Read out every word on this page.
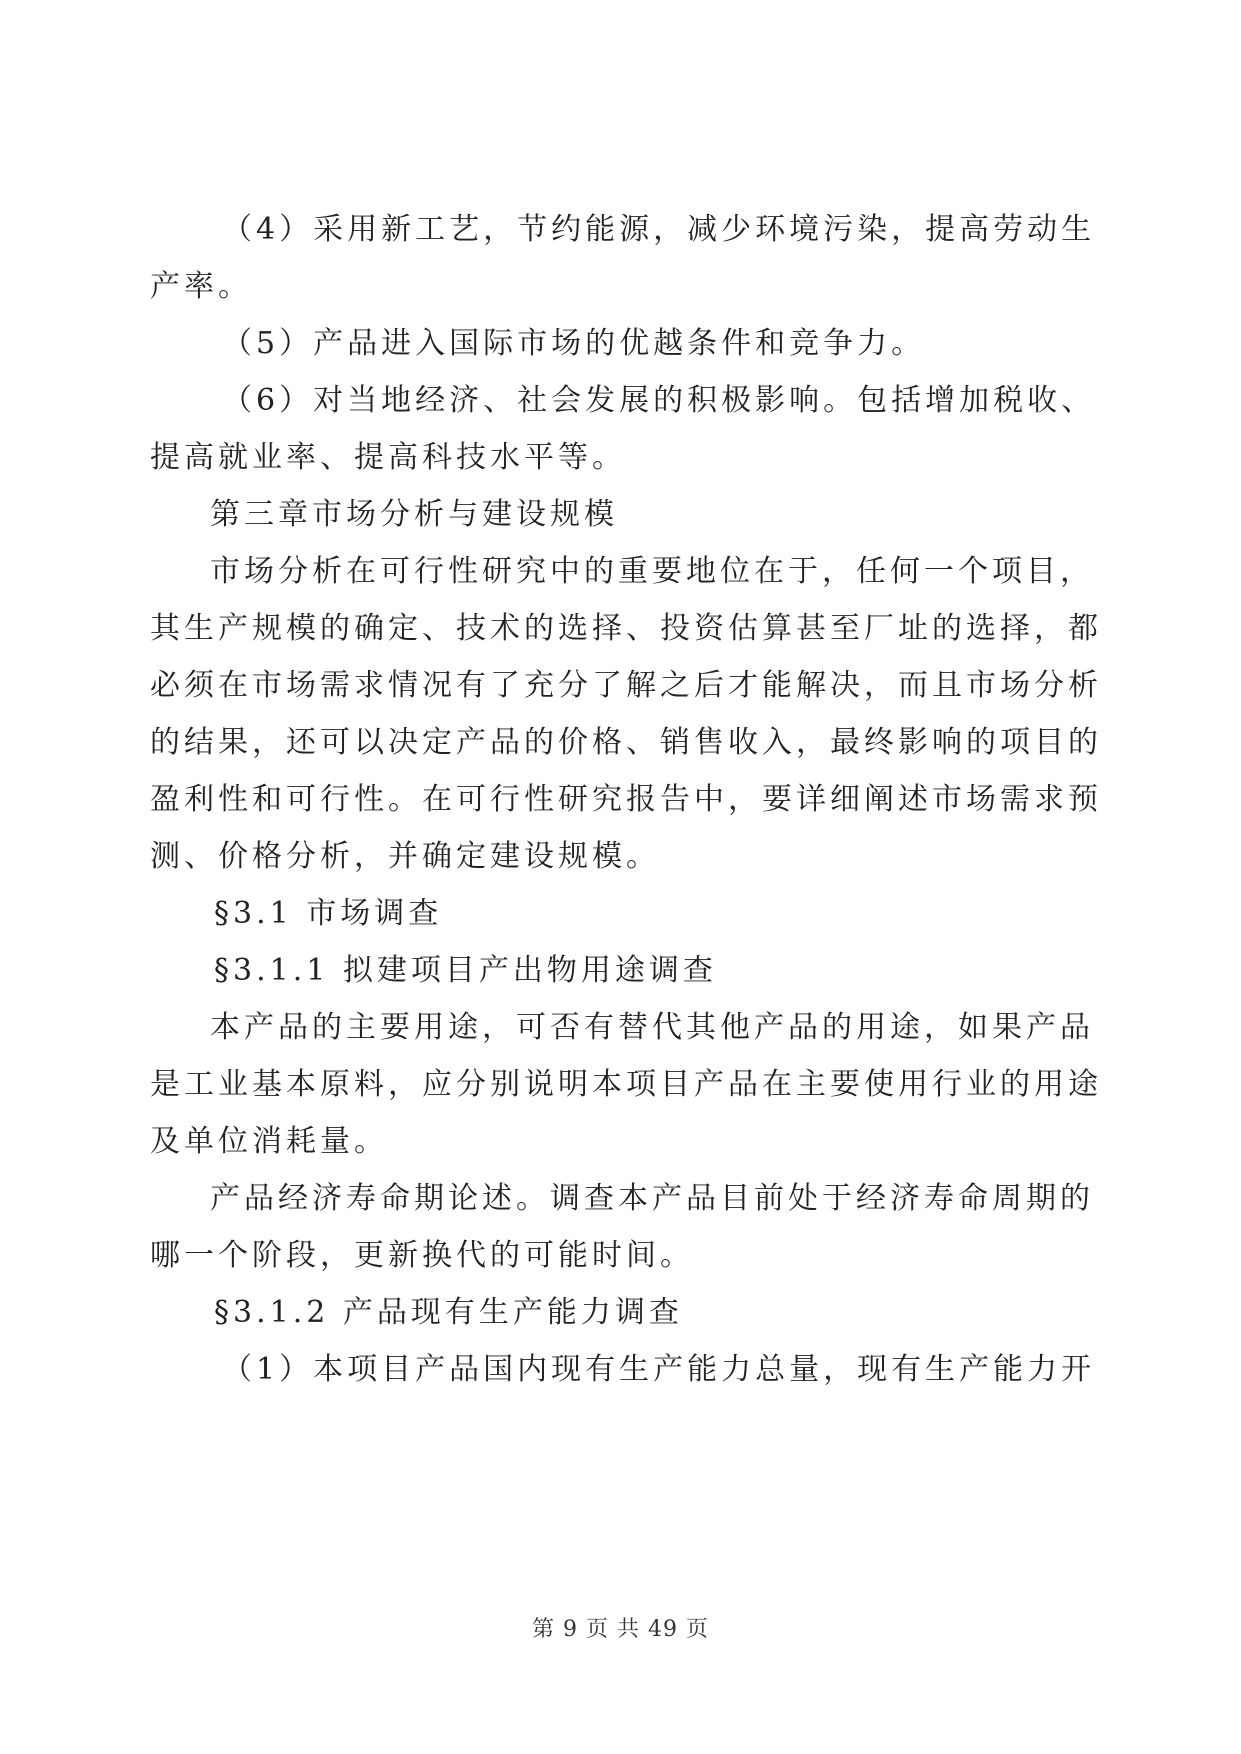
（4）采用新工艺，节约能源，减少环境污染，提高劳动生
产率。
（5）产品进入国际市场的优越条件和竞争力。
（6）对当地经济、社会发展的积极影响。包括增加税收、
提高就业率、提高科技水平等。
第三章市场分析与建设规模
市场分析在可行性研究中的重要地位在于，任何一个项目，
其生产规模的确定、技术的选择、投资估算甚至厂址的选择，都
必须在市场需求情况有了充分了解之后才能解决，而且市场分析
的结果，还可以决定产品的价格、销售收入，最终影响的项目的
盈利性和可行性。在可行性研究报告中，要详细阐述市场需求预
测、价格分析，并确定建设规模。
§3.1 市场调查
§3.1.1 拟建项目产出物用途调查
本产品的主要用途，可否有替代其他产品的用途，如果产品
是工业基本原料，应分别说明本项目产品在主要使用行业的用途
及单位消耗量。
产品经济寿命期论述。调查本产品目前处于经济寿命周期的
哪一个阶段，更新换代的可能时间。
§3.1.2 产品现有生产能力调查
（1）本项目产品国内现有生产能力总量，现有生产能力开
第 9 页 共 49 页
